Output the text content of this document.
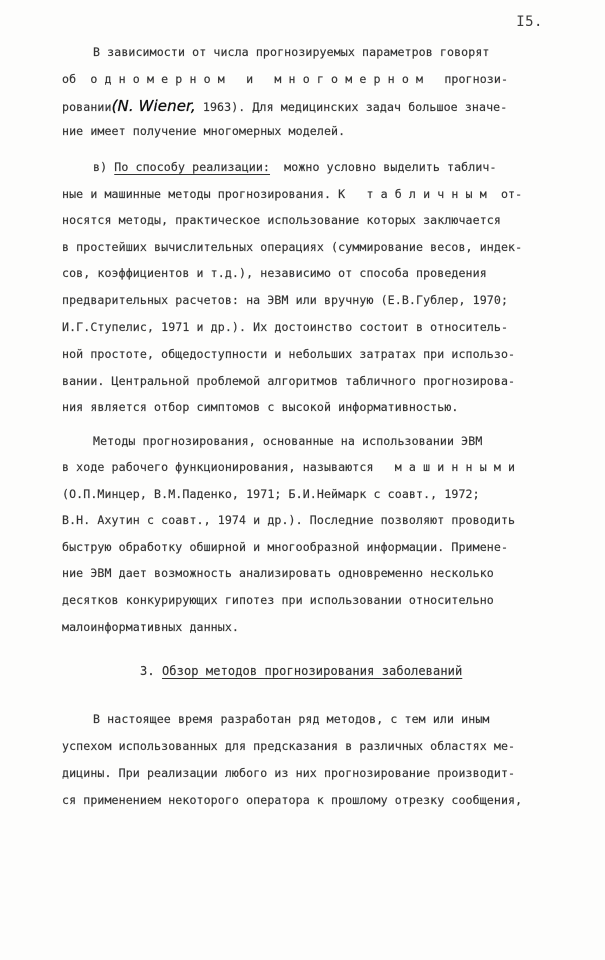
I5.
В зависимости от числа прогнозируемых параметров говорят
об  о д н о м е р н о м   и   м н о г о м е р н о м   прогнози-
ровании(N. Wiener, 1963). Для медицинских задач большое значе-
ние имеет получение многомерных моделей.
в) По способу реализации:  можно условно выделить таблич-
ные и машинные методы прогнозирования. К   т а б л и ч н ы м  от-
носятся методы, практическое использование которых заключается
в простейших вычислительных операциях (суммирование весов, индек-
сов, коэффициентов и т.д.), независимо от способа проведения
предварительных расчетов: на ЭВМ или вручную (Е.В.Гублер, 1970;
И.Г.Ступелис, 1971 и др.). Их достоинство состоит в относитель-
ной простоте, общедоступности и небольших затратах при использо-
вании. Центральной проблемой алгоритмов табличного прогнозирова-
ния является отбор симптомов с высокой информативностью.
Методы прогнозирования, основанные на использовании ЭВМ
в ходе рабочего функционирования, называются   м а ш и н н ы м и
(О.П.Минцер, В.М.Паденко, 1971; Б.И.Неймарк с соавт., 1972;
В.Н. Ахутин с соавт., 1974 и др.). Последние позволяют проводить
быструю обработку обширной и многообразной информации. Примене-
ние ЭВМ дает возможность анализировать одновременно несколько
десятков конкурирующих гипотез при использовании относительно
малоинформативных данных.
3. Обзор методов прогнозирования заболеваний
В настоящее время разработан ряд методов, с тем или иным
успехом использованных для предсказания в различных областях ме-
дицины. При реализации любого из них прогнозирование производит-
ся применением некоторого оператора к прошлому отрезку сообщения,
